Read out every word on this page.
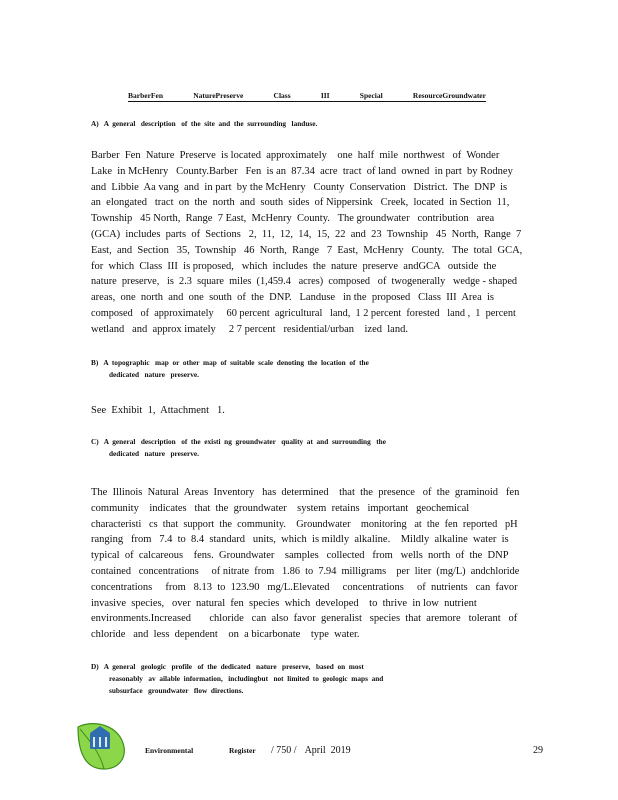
BarberFen	NaturePreserve	Class	III	Special	ResourceGroundwater
A)   A  general   description   of  the  site  and  the  surrounding   landuse.
Barber  Fen  Nature  Preserve  is located  approximately    one  half  mile  northwest   of  Wonder
Lake  in McHenry   County.Barber   Fen  is an  87.34  acre  tract  of land  owned  in part  by Rodney
and  Libbie  Aa vang  and  in part  by the McHenry   County  Conservation   District.  The  DNP  is
an  elongated   tract  on  the  north  and  south  sides  of Nippersink   Creek,  located  in Section  11,
Township   45 North,  Range  7 East,  McHenry  County.   The groundwater   contribution   area
(GCA)  includes  parts  of  Sections   2,  11,  12,  14,  15,  22  and  23  Township   45  North,  Range  7
East,  and  Section   35,  Township   46  North,  Range   7  East,  McHenry   County.   The  total  GCA,
for  which  Class  III  is proposed,   which  includes  the  nature  preserve  andGCA   outside  the
nature  preserve,   is  2.3  square  miles  (1,459.4   acres)  composed   of  twogenerally   wedge - shaped
areas,  one  north  and  one  south  of  the  DNP.   Landuse   in the  proposed   Class  III  Area  is
composed   of  approximately     60 percent  agricultural   land,  1 2 percent  forested   land ,  1  percent
wetland   and  approx imately     2 7 percent   residential/urban    ized  land.
B)   A  topographic   map  or  other  map  of  suitable  scale  denoting  the  location  of  the
dedicated   nature   preserve.
See  Exhibit  1,  Attachment   1.
C)   A  general   description   of  the  existi  ng  groundwater   quality  at  and  surrounding   the
dedicated   nature   preserve.
The  Illinois  Natural  Areas  Inventory   has  determined    that  the  presence   of  the  graminoid   fen
community    indicates   that  the  groundwater    system  retains   important   geochemical
characteristi   cs  that  support  the  community.    Groundwater    monitoring   at  the  fen  reported   pH
ranging   from   7.4  to  8.4  standard   units,  which  is mildly  alkaline.    Mildly  alkaline  water  is
typical  of  calcareous    fens.  Groundwater    samples   collected   from   wells  north  of  the  DNP
contained   concentrations     of nitrate  from   1.86  to  7.94  milligrams    per  liter  (mg/L)  andchloride
concentrations     from   8.13  to  123.90   mg/L.Elevated     concentrations     of  nutrients   can  favor
invasive  species,   over  natural  fen  species  which  developed    to  thrive  in low  nutrient
environments.Increased       chloride   can  also  favor  generalist   species  that  aremore   tolerant   of
chloride   and  less  dependent    on  a bicarbonate    type  water.
D)   A  general   geologic   profile   of  the  dedicated   nature   preserve,   based  on  most
reasonably   av  ailable  information,   includingbut   not  limited  to  geologic  maps  and
subsurface   groundwater   flow  directions.
Environmental	Register / 750 / April  2019	29
